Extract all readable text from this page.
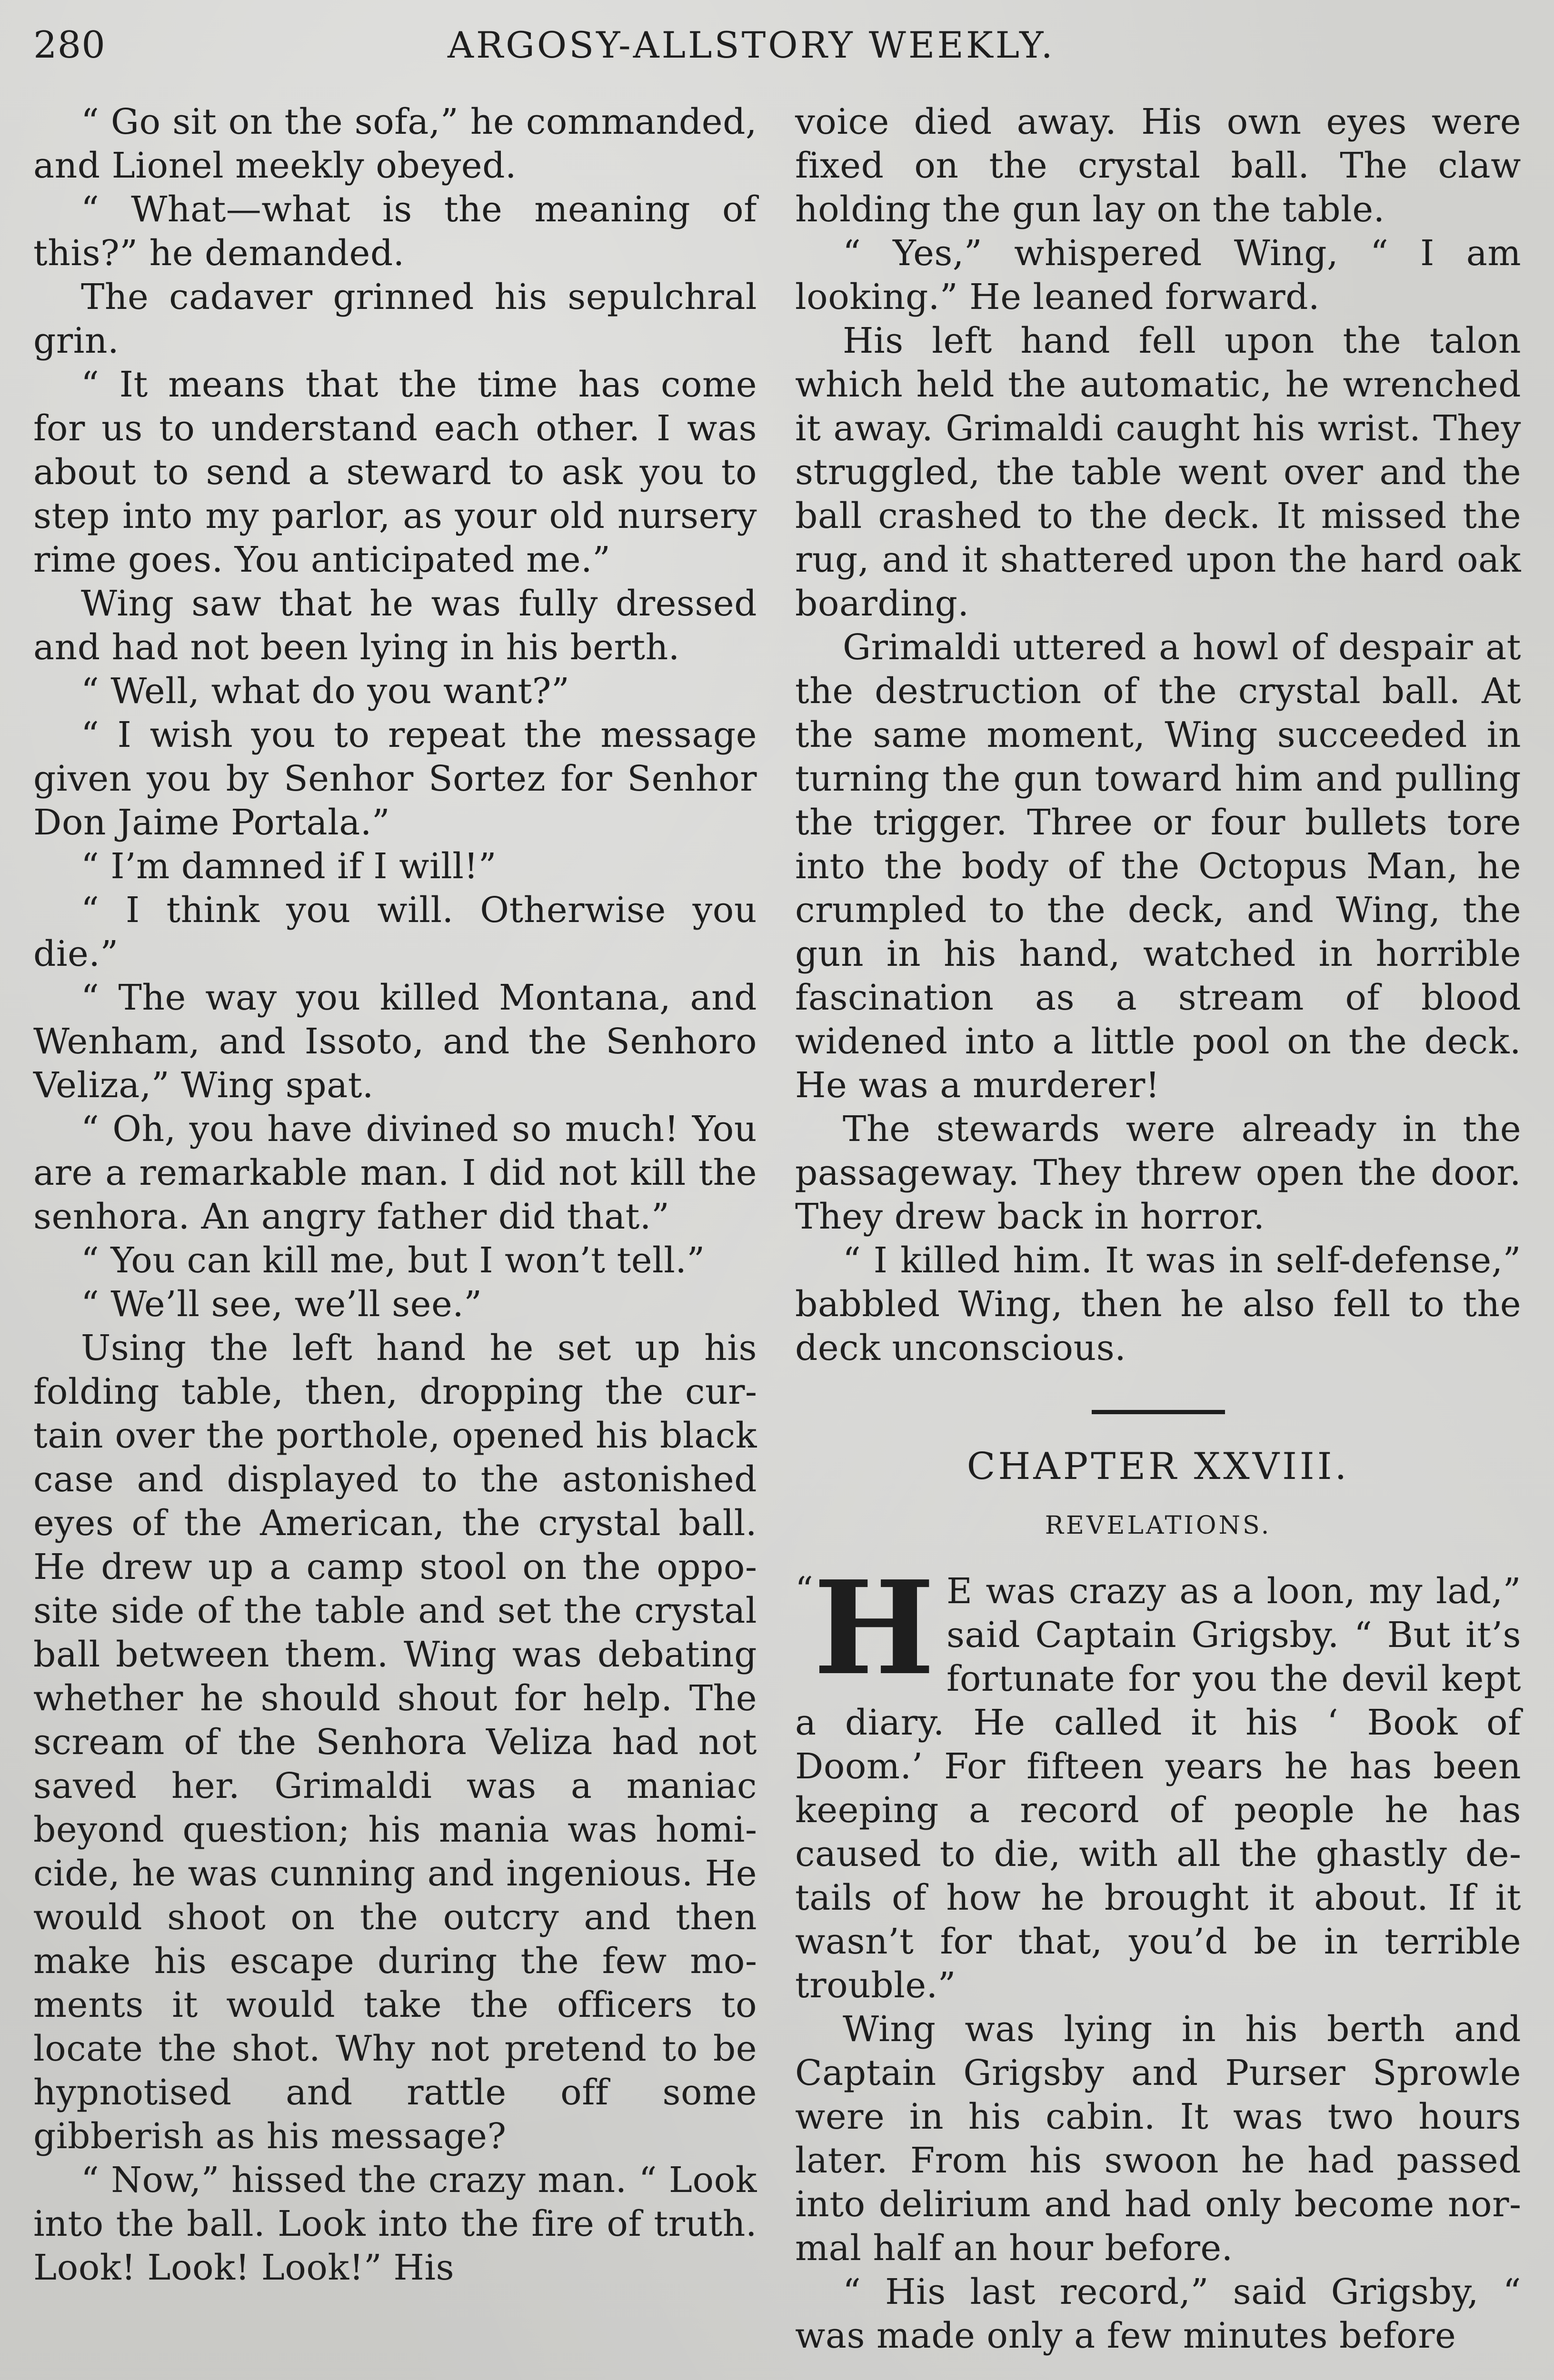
280	ARGOSY-ALLSTORY WEEKLY.

“ Go sit on the sofa,” he commanded, and Lionel meekly obeyed.

“ What—what is the meaning of this?” he demanded.

The cadaver grinned his sepulchral grin.

“ It means that the time has come for us to understand each other. I was about to send a steward to ask you to step into my parlor, as your old nursery rime goes. You anticipated me.”

Wing saw that he was fully dressed and had not been lying in his berth.

“ Well, what do you want?”

“ I wish you to repeat the message given you by Senhor Sortez for Senhor Don Jaime Portala.”

“ I’m damned if I will!”

“ I think you will. Otherwise you die.”

“ The way you killed Montana, and Wenham, and Issoto, and the Senhoro Veliza,” Wing spat.

“ Oh, you have divined so much! You are a remarkable man. I did not kill the senhora. An angry father did that.”

“ You can kill me, but I won’t tell.”

“ We’ll see, we’ll see.”

Using the left hand he set up his folding table, then, dropping the curtain over the porthole, opened his black case and displayed to the astonished eyes of the American, the crystal ball. He drew up a camp stool on the opposite side of the table and set the crystal ball between them. Wing was debating whether he should shout for help. The scream of the Senhora Veliza had not saved her. Grimaldi was a maniac beyond question; his mania was homicide, he was cunning and ingenious. He would shoot on the outcry and then make his escape during the few moments it would take the officers to locate the shot. Why not pretend to be hypnotised and rattle off some gibberish as his message?

“ Now,” hissed the crazy man. “ Look into the ball. Look into the fire of truth. Look! Look! Look!” His

voice died away. His own eyes were fixed on the crystal ball. The claw holding the gun lay on the table.

“ Yes,” whispered Wing, “ I am looking.” He leaned forward.

His left hand fell upon the talon which held the automatic, he wrenched it away. Grimaldi caught his wrist. They struggled, the table went over and the ball crashed to the deck. It missed the rug, and it shattered upon the hard oak boarding.

Grimaldi uttered a howl of despair at the destruction of the crystal ball. At the same moment, Wing succeeded in turning the gun toward him and pulling the trigger. Three or four bullets tore into the body of the Octopus Man, he crumpled to the deck, and Wing, the gun in his hand, watched in horrible fascination as a stream of blood widened into a little pool on the deck. He was a murderer!

The stewards were already in the passageway. They threw open the door. They drew back in horror.

“ I killed him. It was in self-defense,” babbled Wing, then he also fell to the deck unconscious.

CHAPTER XXVIII.
REVELATIONS.

“ H E was crazy as a loon, my lad,” said Captain Grigsby. “ But it’s fortunate for you the devil kept a diary. He called it his ‘ Book of Doom.’ For fifteen years he has been keeping a record of people he has caused to die, with all the ghastly details of how he brought it about. If it wasn’t for that, you’d be in terrible trouble.”

Wing was lying in his berth and Captain Grigsby and Purser Sprowle were in his cabin. It was two hours later. From his swoon he had passed into delirium and had only become normal half an hour before.

“ His last record,” said Grigsby, “ was made only a few minutes before
